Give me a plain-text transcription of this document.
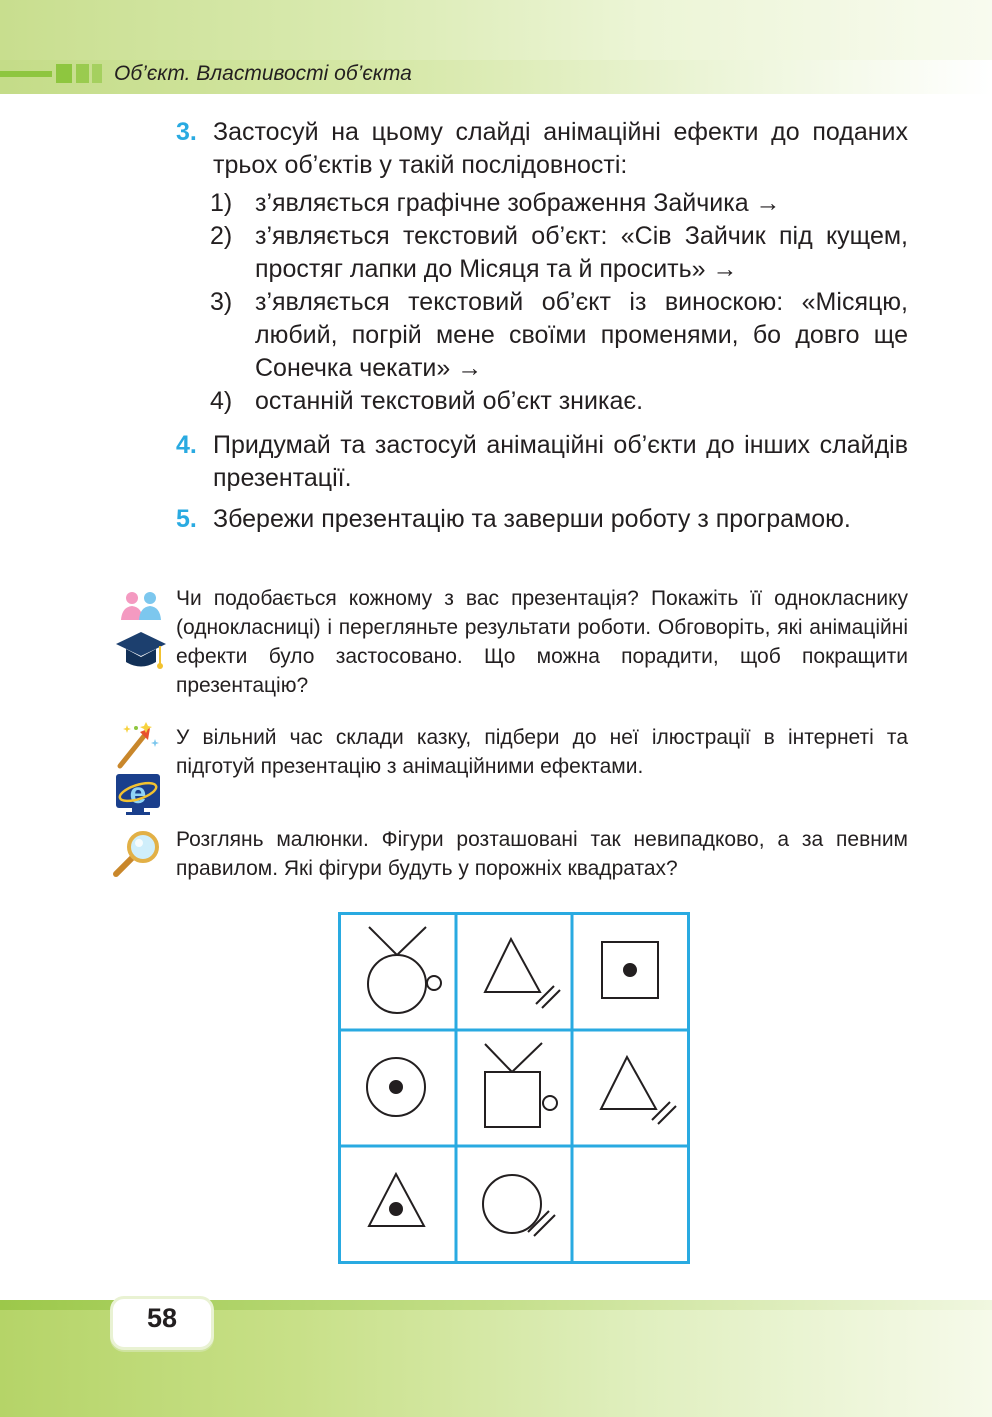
Об’єкт. Властивості об’єкта
3. Застосуй на цьому слайді анімаційні ефекти до поданих трьох об’єктів у такій послідовності:
1) з’являється графічне зображення Зайчика →
2) з’являється текстовий об’єкт: «Сів Зайчик під кущем, простяг лапки до Місяця та й просить» →
3) з’являється текстовий об’єкт із виноскою: «Місяцю, любий, погрій мене своїми променями, бо довго ще Сонечка чекати» →
4) останній текстовий об’єкт зникає.
4. Придумай та застосуй анімаційні об’єкти до інших слайдів презентації.
5. Збережи презентацію та заверши роботу з програмою.
Чи подобається кожному з вас презентація? Покажіть її однокласнику (однокласниці) і перегляньте результати роботи. Обговоріть, які анімаційні ефекти було застосовано. Що можна порадити, щоб покращити презентацію?
e
У вільний час склади казку, підбери до неї ілюстрації в інтернеті та підготуй презентацію з анімаційними ефектами.
Розглянь малюнки. Фігури розташовані так невипадково, а за певним правилом. Які фігури будуть у порожніх квадратах?
58
